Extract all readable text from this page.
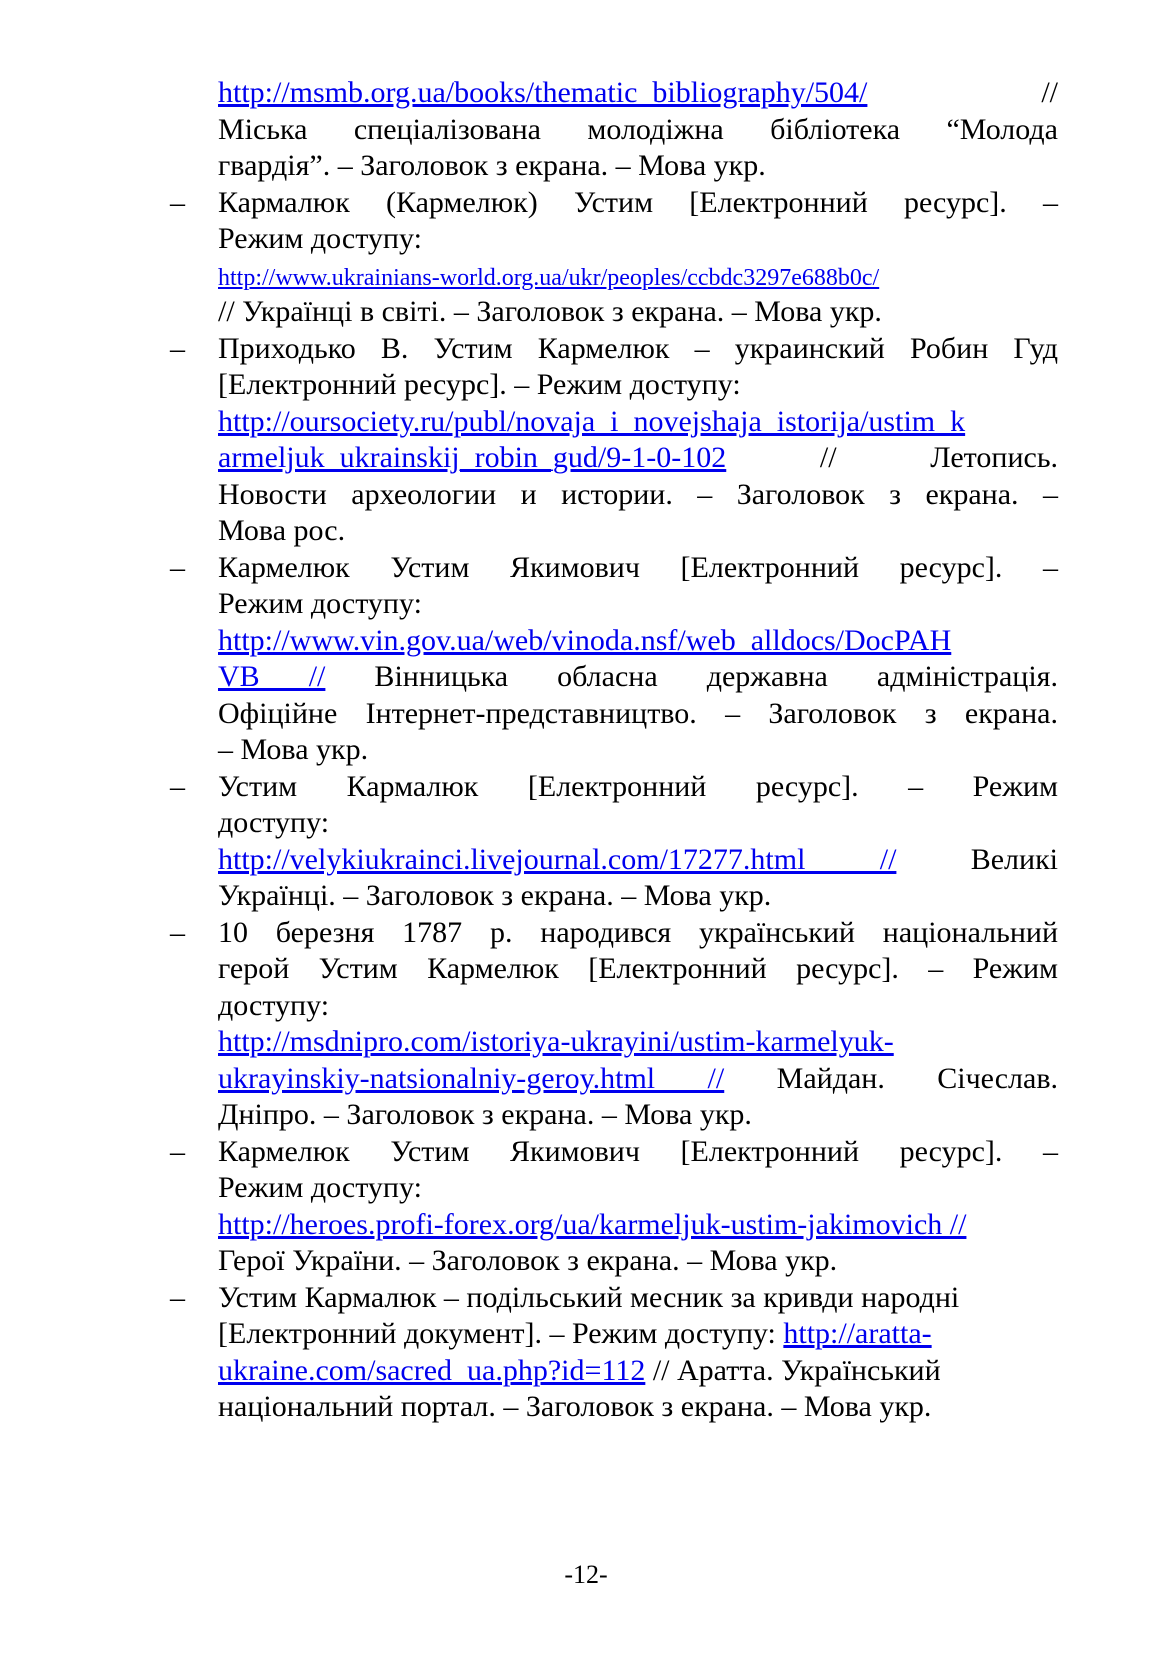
http://msmb.org.ua/books/thematic_bibliography/504/ //
Міська спеціалізована молодіжна бібліотека “Молода
гвардія”. – Заголовок з екрана. – Мова укр.
– Кармалюк (Кармелюк) Устим [Електронний ресурс]. –
Режим доступу:
http://www.ukrainians-world.org.ua/ukr/peoples/ccbdc3297e688b0c/
// Українці в світі. – Заголовок з екрана. – Мова укр.
– Приходько В. Устим Кармелюк – украинский Робин Гуд
[Електронний ресурс]. – Режим доступу:
http://oursociety.ru/publ/novaja_i_novejshaja_istorija/ustim_k
armeljuk_ukrainskij_robin_gud/9-1-0-102 // Летопись.
Новости археологии и истории. – Заголовок з екрана. –
Мова рос.
– Кармелюк Устим Якимович [Електронний ресурс]. –
Режим доступу:
http://www.vin.gov.ua/web/vinoda.nsf/web_alldocs/DocPAH
VB // Вінницька обласна державна адміністрація.
Офіційне Інтернет-представництво. – Заголовок з екрана.
– Мова укр.
– Устим Кармалюк [Електронний ресурс]. – Режим
доступу:
http://velykiukrainci.livejournal.com/17277.html // Великі
Українці. – Заголовок з екрана. – Мова укр.
– 10 березня 1787 р. народився український національний
герой Устим Кармелюк [Електронний ресурс]. – Режим
доступу:
http://msdnipro.com/istoriya-ukrayini/ustim-karmelyuk-
ukrayinskiy-natsionalniy-geroy.html // Майдан. Січеслав.
Дніпро. – Заголовок з екрана. – Мова укр.
– Кармелюк Устим Якимович [Електронний ресурс]. –
Режим доступу:
http://heroes.profi-forex.org/ua/karmeljuk-ustim-jakimovich //
Герої України. – Заголовок з екрана. – Мова укр.
– Устим Кармалюк – подільський месник за кривди народні
[Електронний документ]. – Режим доступу: http://aratta-
ukraine.com/sacred_ua.php?id=112 // Аратта. Український
національний портал. – Заголовок з екрана. – Мова укр.
-12-
